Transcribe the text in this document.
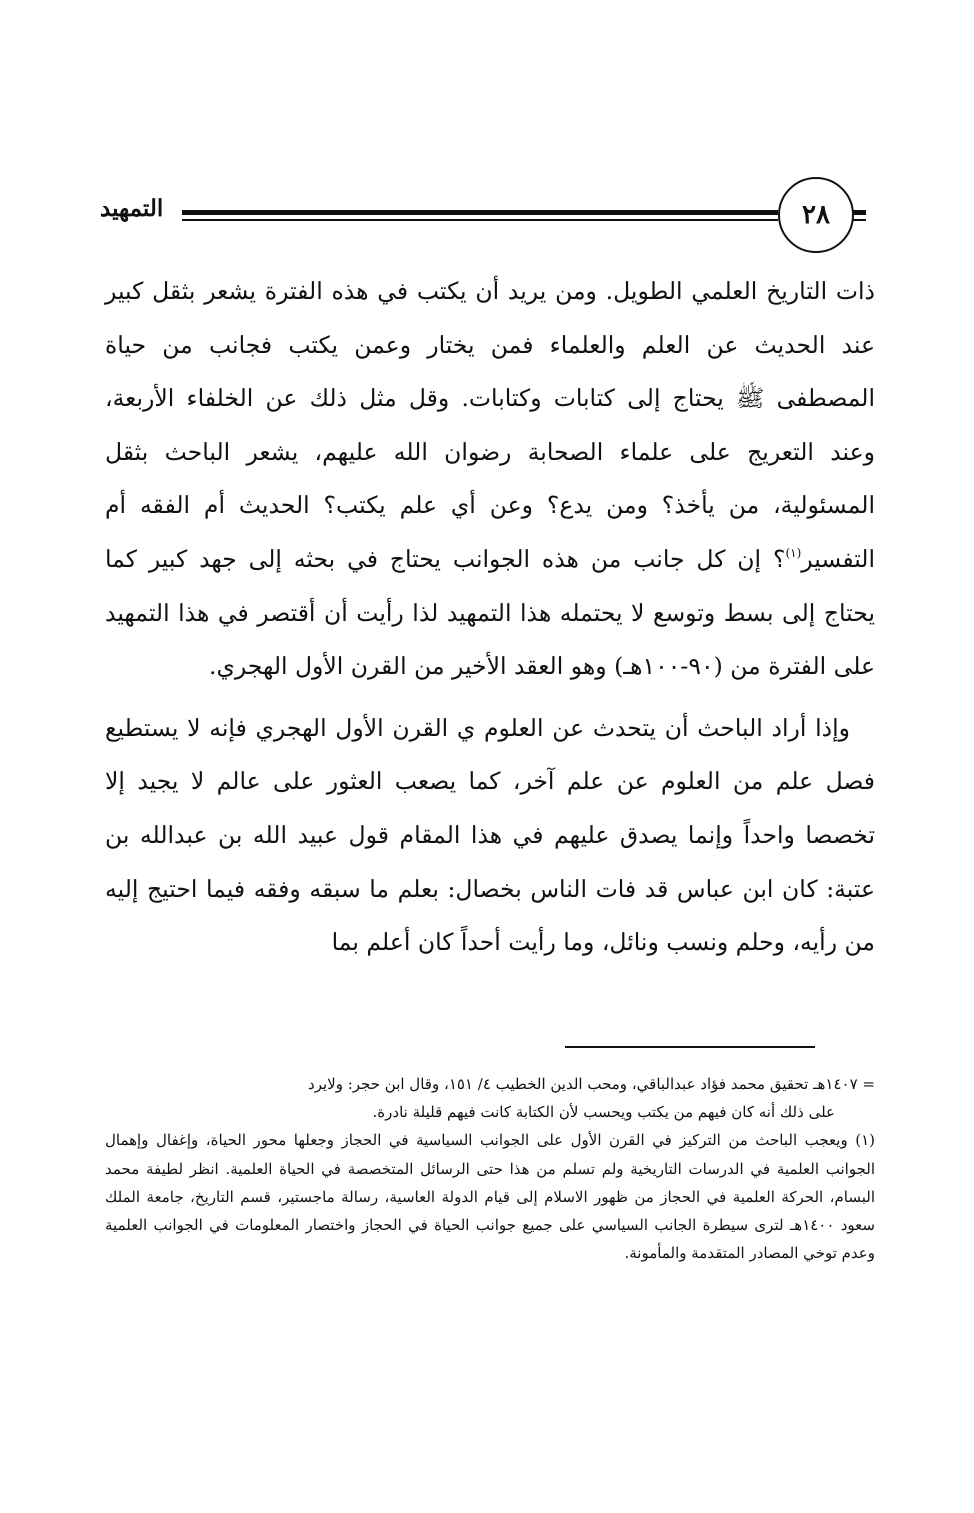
التمهيد	٢٨

ذات التاريخ العلمي الطويل. ومن يريد أن يكتب في هذه الفترة يشعر بثقل كبير عند الحديث عن العلم والعلماء فمن يختار وعمن يكتب فجانب من حياة المصطفى ﷺ يحتاج إلى كتابات وكتابات. وقل مثل ذلك عن الخلفاء الأربعة، وعند التعريج على علماء الصحابة رضوان الله عليهم، يشعر الباحث بثقل المسئولية، من يأخذ؟ ومن يدع؟ وعن أي علم يكتب؟ الحديث أم الفقه أم التفسير$^{(١)}$؟ إن كل جانب من هذه الجوانب يحتاج في بحثه إلى جهد كبير كما يحتاج إلى بسط وتوسع لا يحتمله هذا التمهيد لذا رأيت أن أقتصر في هذا التمهيد على الفترة من (٩٠-١٠٠هـ) وهو العقد الأخير من القرن الأول الهجري.

وإذا أراد الباحث أن يتحدث عن العلوم ي القرن الأول الهجري فإنه لا يستطيع فصل علم من العلوم عن علم آخر، كما يصعب العثور على عالم لا يجيد إلا تخصصا واحداً وإنما يصدق عليهم في هذا المقام قول عبيد الله بن عبدالله بن عتبة: كان ابن عباس قد فات الناس بخصال: بعلم ما سبقه وفقه فيما احتيج إليه من رأيه، وحلم ونسب ونائل، وما رأيت أحداً كان أعلم بما

= ١٤٠٧هـ تحقيق محمد فؤاد عبدالباقي، ومحب الدين الخطيب ٤/ ١٥١، وقال ابن حجر: ولايرد

على ذلك أنه كان فيهم من يكتب ويحسب لأن الكتابة كانت فيهم قليلة نادرة.

(١) ويعجب الباحث من التركيز في القرن الأول على الجوانب السياسية في الحجاز وجعلها محور الحياة، وإغفال وإهمال الجوانب العلمية في الدرسات التاريخية ولم تسلم من هذا حتى الرسائل المتخصصة في الحياة العلمية. انظر لطيفة محمد البسام، الحركة العلمية في الحجاز من ظهور الاسلام إلى قيام الدولة العاسية، رسالة ماجستير، قسم التاريخ، جامعة الملك سعود ١٤٠٠هـ لترى سيطرة الجانب السياسي على جميع جوانب الحياة في الحجاز واختصار المعلومات في الجوانب العلمية وعدم توخي المصادر المتقدمة والمأمونة.
